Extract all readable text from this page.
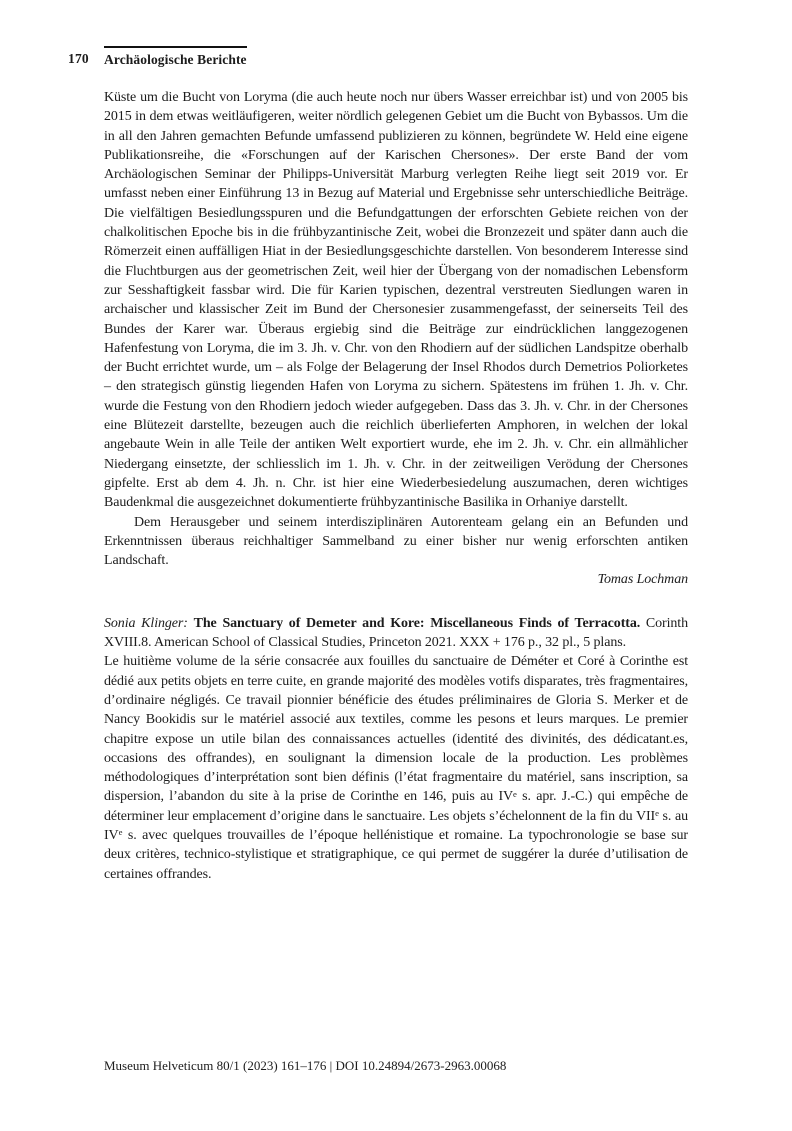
170 Archäologische Berichte

Küste um die Bucht von Loryma (die auch heute noch nur übers Wasser erreichbar ist) und von 2005 bis 2015 in dem etwas weitläufigeren, weiter nördlich gelegenen Gebiet um die Bucht von Bybassos. Um die in all den Jahren gemachten Befunde umfassend publizieren zu können, begründete W. Held eine eigene Publikationsreihe, die «Forschungen auf der Karischen Chersones». Der erste Band der vom Archäologischen Seminar der Philipps-Universität Marburg verlegten Reihe liegt seit 2019 vor. Er umfasst neben einer Einführung 13 in Bezug auf Material und Ergebnisse sehr unterschiedliche Beiträge. Die vielfältigen Besiedlungsspuren und die Befundgattungen der erforschten Gebiete reichen von der chalkolitischen Epoche bis in die frühbyzantinische Zeit, wobei die Bronzezeit und später dann auch die Römerzeit einen auffälligen Hiat in der Besiedlungsgeschichte darstellen. Von besonderem Interesse sind die Fluchtburgen aus der geometrischen Zeit, weil hier der Übergang von der nomadischen Lebensform zur Sesshaftigkeit fassbar wird. Die für Karien typischen, dezentral verstreuten Siedlungen waren in archaischer und klassischer Zeit im Bund der Chersonesier zusammengefasst, der seinerseits Teil des Bundes der Karer war. Überaus ergiebig sind die Beiträge zur eindrücklichen langgezogenen Hafenfestung von Loryma, die im 3. Jh. v. Chr. von den Rhodiern auf der südlichen Landspitze oberhalb der Bucht errichtet wurde, um – als Folge der Belagerung der Insel Rhodos durch Demetrios Poliorketes – den strategisch günstig liegenden Hafen von Loryma zu sichern. Spätestens im frühen 1. Jh. v. Chr. wurde die Festung von den Rhodiern jedoch wieder aufgegeben. Dass das 3. Jh. v. Chr. in der Chersones eine Blütezeit darstellte, bezeugen auch die reichlich überlieferten Amphoren, in welchen der lokal angebaute Wein in alle Teile der antiken Welt exportiert wurde, ehe im 2. Jh. v. Chr. ein allmählicher Niedergang einsetzte, der schliesslich im 1. Jh. v. Chr. in der zeitweiligen Verödung der Chersones gipfelte. Erst ab dem 4. Jh. n. Chr. ist hier eine Wiederbesiedelung auszumachen, deren wichtiges Baudenkmal die ausgezeichnet dokumentierte frühbyzantinische Basilika in Orhaniye darstellt.

Dem Herausgeber und seinem interdisziplinären Autorenteam gelang ein an Befunden und Erkenntnissen überaus reichhaltiger Sammelband zu einer bisher nur wenig erforschten antiken Landschaft.

Tomas Lochman

Sonia Klinger: The Sanctuary of Demeter and Kore: Miscellaneous Finds of Terracotta. Corinth XVIII.8. American School of Classical Studies, Princeton 2021. XXX + 176 p., 32 pl., 5 plans.

Le huitième volume de la série consacrée aux fouilles du sanctuaire de Déméter et Coré à Corinthe est dédié aux petits objets en terre cuite, en grande majorité des modèles votifs disparates, très fragmentaires, d’ordinaire négligés. Ce travail pionnier bénéficie des études préliminaires de Gloria S. Merker et de Nancy Bookidis sur le matériel associé aux textiles, comme les pesons et leurs marques. Le premier chapitre expose un utile bilan des connaissances actuelles (identité des divinités, des dédicatant.es, occasions des offrandes), en soulignant la dimension locale de la production. Les problèmes méthodologiques d’interprétation sont bien définis (l’état fragmentaire du matériel, sans inscription, sa dispersion, l’abandon du site à la prise de Corinthe en 146, puis au IVe s. apr. J.-C.) qui empêche de déterminer leur emplacement d’origine dans le sanctuaire. Les objets s’échelonnent de la fin du VIIe s. au IVe s. avec quelques trouvailles de l’époque hellénistique et romaine. La typochronologie se base sur deux critères, technico-stylistique et stratigraphique, ce qui permet de suggérer la durée d’utilisation de certaines offrandes.

Museum Helveticum 80/1 (2023) 161–176 | DOI 10.24894/2673-2963.00068
